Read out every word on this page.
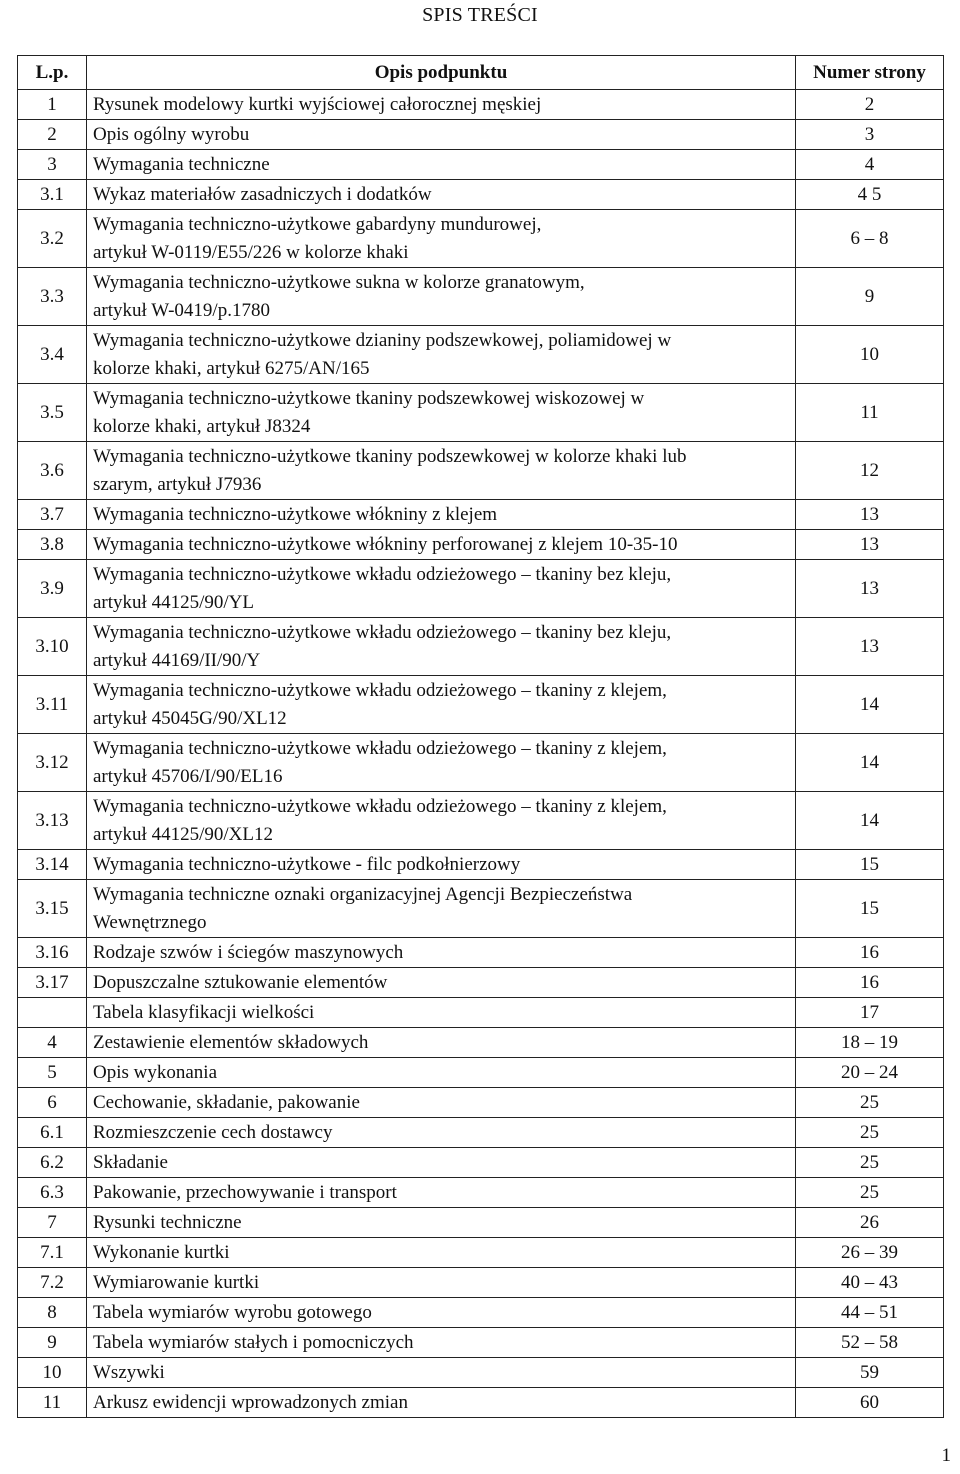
SPIS TREŚCI
L.p.	Opis podpunktu	Numer strony
1	Rysunek modelowy kurtki wyjściowej całorocznej męskiej	2
2	Opis ogólny wyrobu	3
3	Wymagania techniczne	4
3.1	Wykaz materiałów zasadniczych i dodatków	4 5
3.2	Wymagania techniczno-użytkowe gabardyny mundurowej,
artykuł W-0119/E55/226 w kolorze khaki	6 – 8
3.3	Wymagania techniczno-użytkowe sukna w kolorze granatowym,
artykuł W-0419/p.1780	9
3.4	Wymagania techniczno-użytkowe dzianiny podszewkowej, poliamidowej w
kolorze khaki, artykuł 6275/AN/165	10
3.5	Wymagania techniczno-użytkowe tkaniny podszewkowej wiskozowej w
kolorze khaki, artykuł J8324	11
3.6	Wymagania techniczno-użytkowe tkaniny podszewkowej w kolorze khaki lub
szarym, artykuł J7936	12
3.7	Wymagania techniczno-użytkowe włókniny z klejem	13
3.8	Wymagania techniczno-użytkowe włókniny perforowanej z klejem 10-35-10	13
3.9	Wymagania techniczno-użytkowe wkładu odzieżowego – tkaniny bez kleju,
artykuł 44125/90/YL	13
3.10	Wymagania techniczno-użytkowe wkładu odzieżowego – tkaniny bez kleju,
artykuł 44169/II/90/Y	13
3.11	Wymagania techniczno-użytkowe wkładu odzieżowego – tkaniny z klejem,
artykuł 45045G/90/XL12	14
3.12	Wymagania techniczno-użytkowe wkładu odzieżowego – tkaniny z klejem,
artykuł 45706/I/90/EL16	14
3.13	Wymagania techniczno-użytkowe wkładu odzieżowego – tkaniny z klejem,
artykuł 44125/90/XL12	14
3.14	Wymagania techniczno-użytkowe - filc podkołnierzowy	15
3.15	Wymagania techniczne oznaki organizacyjnej Agencji Bezpieczeństwa
Wewnętrznego	15
3.16	Rodzaje szwów i ściegów maszynowych	16
3.17	Dopuszczalne sztukowanie elementów	16
	Tabela klasyfikacji wielkości	17
4	Zestawienie elementów składowych	18 – 19
5	Opis wykonania	20 – 24
6	Cechowanie, składanie, pakowanie	25
6.1	Rozmieszczenie cech dostawcy	25
6.2	Składanie	25
6.3	Pakowanie, przechowywanie i transport	25
7	Rysunki techniczne	26
7.1	Wykonanie kurtki	26 – 39
7.2	Wymiarowanie kurtki	40 – 43
8	Tabela wymiarów wyrobu gotowego	44 – 51
9	Tabela wymiarów stałych i pomocniczych	52 – 58
10	Wszywki	59
11	Arkusz ewidencji wprowadzonych zmian	60
1
